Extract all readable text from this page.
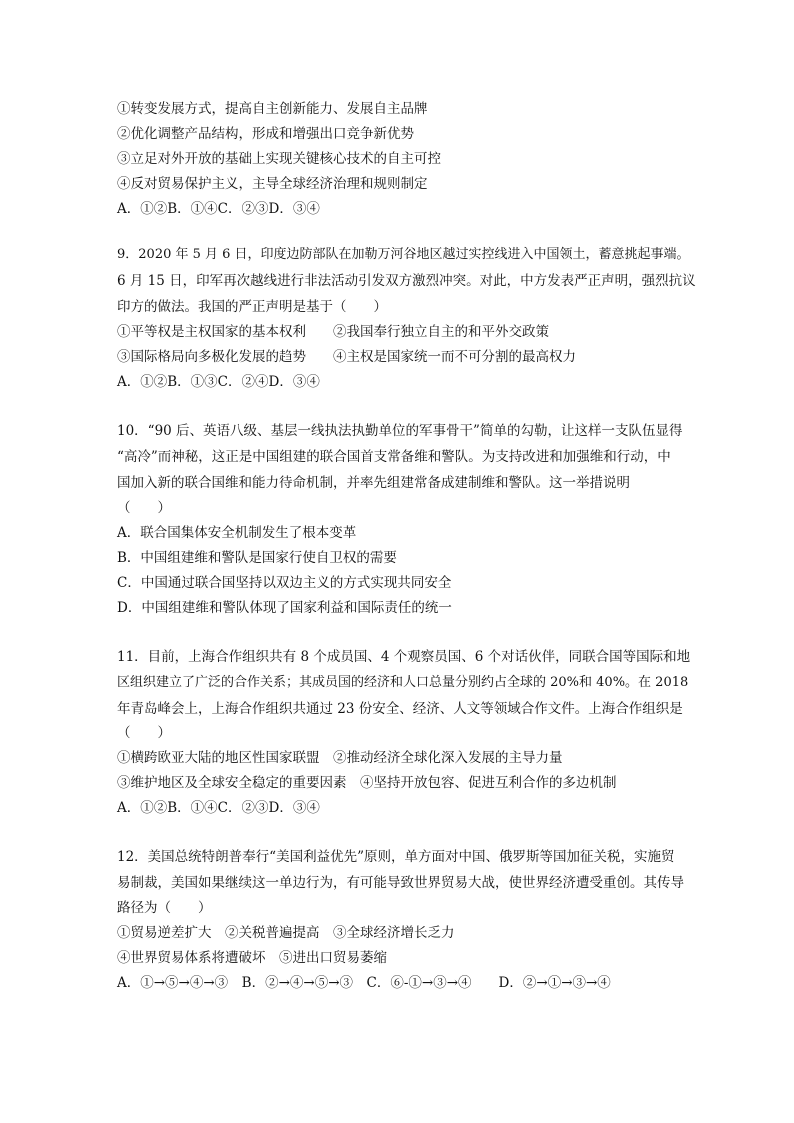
①转变发展方式，提高自主创新能力、发展自主品牌
②优化调整产品结构，形成和增强出口竞争新优势
③立足对外开放的基础上实现关键核心技术的自主可控
④反对贸易保护主义，主导全球经济治理和规则制定
A．①②B．①④C．②③D．③④
9．2020 年 5 月 6 日，印度边防部队在加勒万河谷地区越过实控线进入中国领土，蓄意挑起事端。
6 月 15 日，印军再次越线进行非法活动引发双方激烈冲突。对此，中方发表严正声明，强烈抗议
印方的做法。我国的严正声明是基于（　　）
①平等权是主权国家的基本权利　　②我国奉行独立自主的和平外交政策
③国际格局向多极化发展的趋势　　④主权是国家统一而不可分割的最高权力
A．①②B．①③C．②④D．③④
10．“90 后、英语八级、基层一线执法执勤单位的军事骨干”简单的勾勒，让这样一支队伍显得
“高冷”而神秘，这正是中国组建的联合国首支常备维和警队。为支持改进和加强维和行动，中
国加入新的联合国维和能力待命机制，并率先组建常备成建制维和警队。这一举措说明
（　　）
A．联合国集体安全机制发生了根本变革
B．中国组建维和警队是国家行使自卫权的需要
C．中国通过联合国坚持以双边主义的方式实现共同安全
D．中国组建维和警队体现了国家利益和国际责任的统一
11．目前，上海合作组织共有 8 个成员国、4 个观察员国、6 个对话伙伴，同联合国等国际和地
区组织建立了广泛的合作关系；其成员国的经济和人口总量分别约占全球的 20%和 40%。在 2018
年青岛峰会上，上海合作组织共通过 23 份安全、经济、人文等领域合作文件。上海合作组织是
（　　）
①横跨欧亚大陆的地区性国家联盟　②推动经济全球化深入发展的主导力量
③维护地区及全球安全稳定的重要因素　④坚持开放包容、促进互利合作的多边机制
A．①②B．①④C．②③D．③④
12．美国总统特朗普奉行“美国利益优先”原则，单方面对中国、俄罗斯等国加征关税，实施贸
易制裁，美国如果继续这一单边行为，有可能导致世界贸易大战，使世界经济遭受重创。其传导
路径为（　　）
①贸易逆差扩大　②关税普遍提高　③全球经济增长乏力
④世界贸易体系将遭破坏　⑤进出口贸易萎缩
A．①→⑤→④→③　B．②→④→⑤→③　C．⑥-①→③→④　　D．②→①→③→④
